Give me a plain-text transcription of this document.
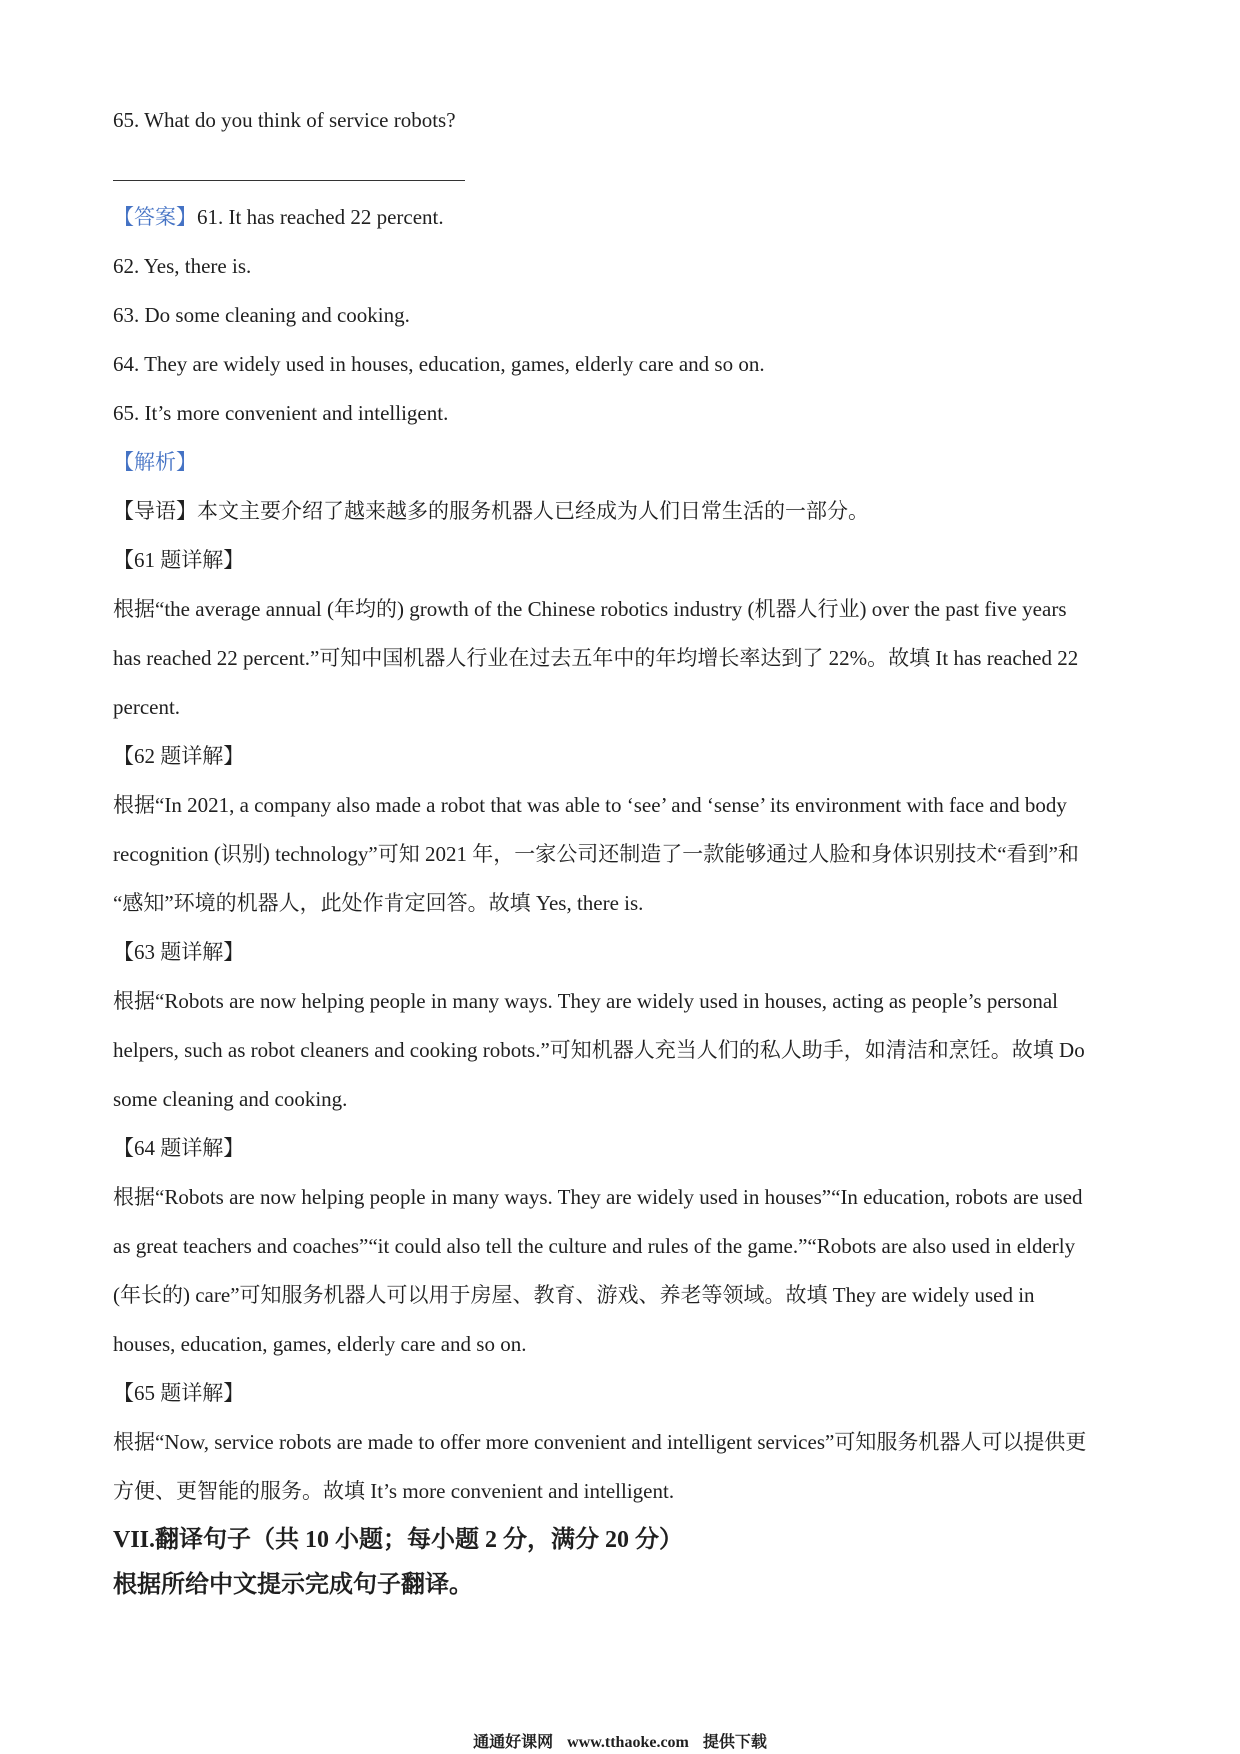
65. What do you think of service robots?
【答案】61. It has reached 22 percent.
62. Yes, there is.
63. Do some cleaning and cooking.
64. They are widely used in houses, education, games, elderly care and so on.
65. It’s more convenient and intelligent.
【解析】
【导语】本文主要介绍了越来越多的服务机器人已经成为人们日常生活的一部分。
【61 题详解】
根据“the average annual (年均的) growth of the Chinese robotics industry (机器人行业) over the past five years
has reached 22 percent.”可知中国机器人行业在过去五年中的年均增长率达到了 22%。故填 It has reached 22
percent.
【62 题详解】
根据“In 2021, a company also made a robot that was able to ‘see’ and ‘sense’ its environment with face and body
recognition (识别) technology”可知 2021 年，一家公司还制造了一款能够通过人脸和身体识别技术“看到”和
“感知”环境的机器人，此处作肯定回答。故填 Yes, there is.
【63 题详解】
根据“Robots are now helping people in many ways. They are widely used in houses, acting as people’s personal
helpers, such as robot cleaners and cooking robots.”可知机器人充当人们的私人助手，如清洁和烹饪。故填 Do
some cleaning and cooking.
【64 题详解】
根据“Robots are now helping people in many ways. They are widely used in houses”“In education, robots are used
as great teachers and coaches”“it could also tell the culture and rules of the game.”“Robots are also used in elderly
(年长的) care”可知服务机器人可以用于房屋、教育、游戏、养老等领域。故填 They are widely used in
houses, education, games, elderly care and so on.
【65 题详解】
根据“Now, service robots are made to offer more convenient and intelligent services”可知服务机器人可以提供更
方便、更智能的服务。故填 It’s more convenient and intelligent.
VII.翻译句子（共 10 小题；每小题 2 分，满分 20 分）
根据所给中文提示完成句子翻译。
通通好课网 www.tthaoke.com 提供下载
